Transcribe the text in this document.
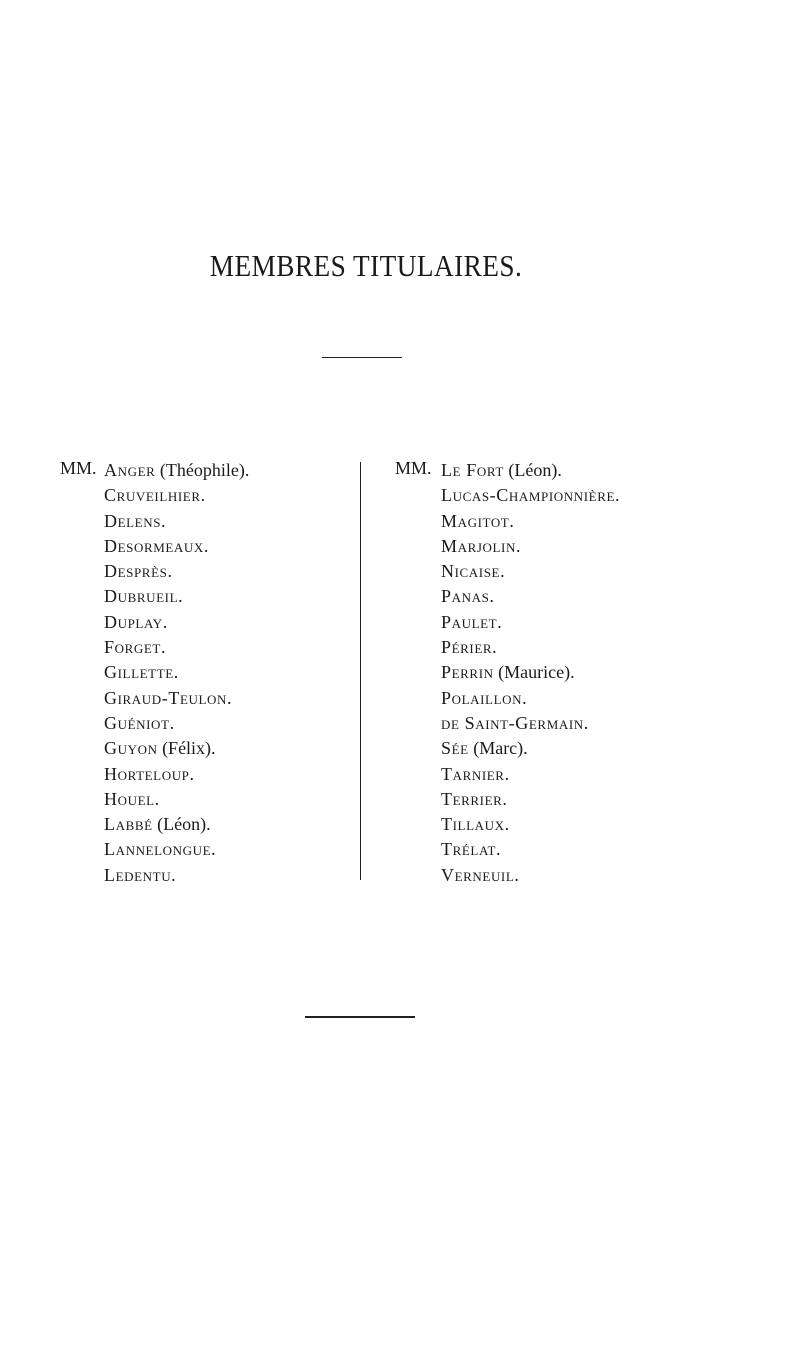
MEMBRES TITULAIRES.
MM. Anger (Théophile).
Cruveilhier.
Delens.
Desormeaux.
Desprès.
Dubrueil.
Duplay.
Forget.
Gillette.
Giraud-Teulon.
Guéniot.
Guyon (Félix).
Horteloup.
Houel.
Labbé (Léon).
Lannelongue.
Ledentu.
MM. Le Fort (Léon).
Lucas-Championnière.
Magitot.
Marjolin.
Nicaise.
Panas.
Paulet.
Périer.
Perrin (Maurice).
Polaillon.
de Saint-Germain.
Sée (Marc).
Tarnier.
Terrier.
Tillaux.
Trélat.
Verneuil.
